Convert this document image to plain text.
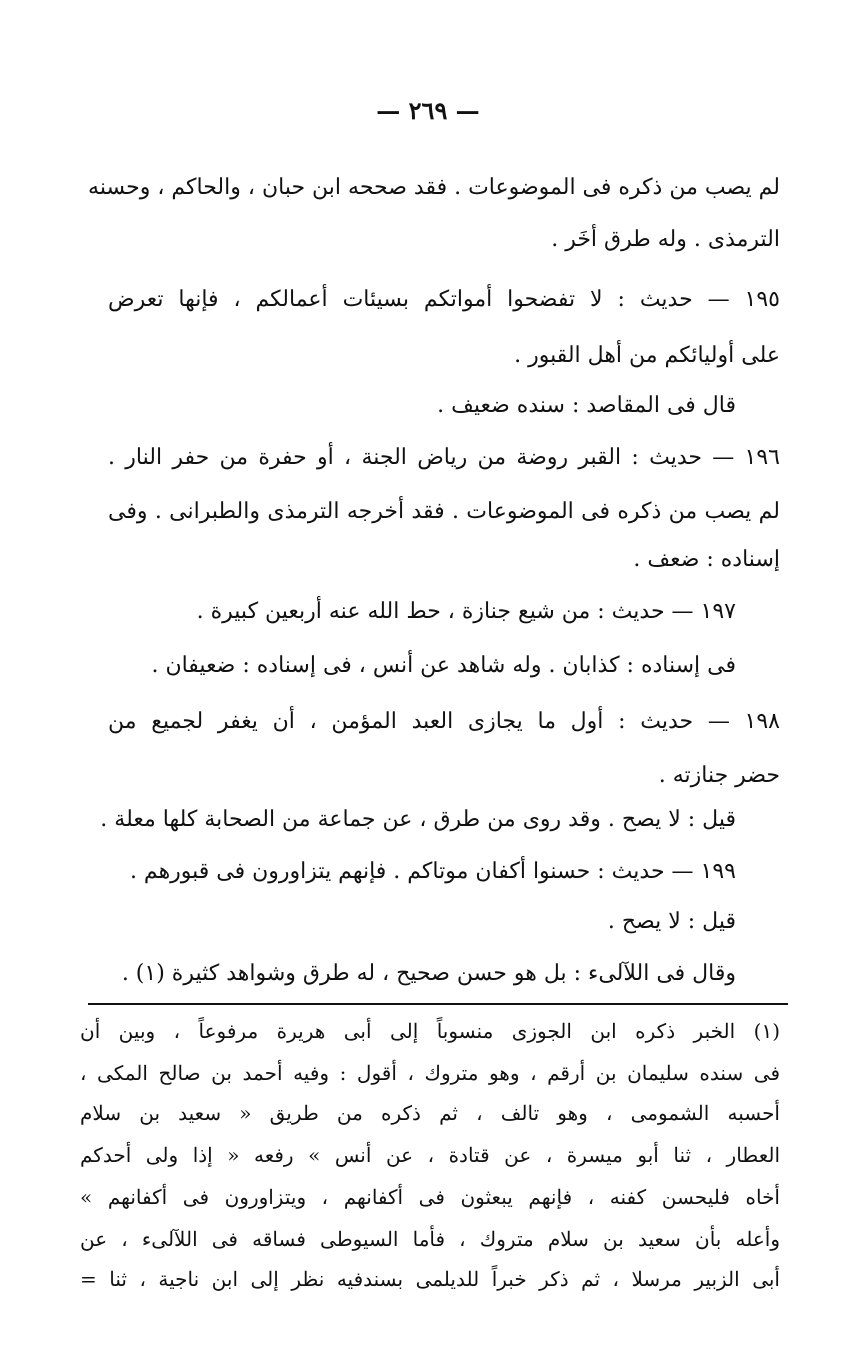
— ٢٦٩ —
لم يصب من ذكره فى الموضوعات . فقد صححه ابن حبان ، والحاكم ، وحسنه
الترمذى . وله طرق أخَر .
١٩٥ — حديث : لا تفضحوا أمواتكم بسيئات أعمالكم ، فإنها تعرض
على أوليائكم من أهل القبور .
قال فى المقاصد : سنده ضعيف .
١٩٦ — حديث : القبر روضة من رياض الجنة ، أو حفرة من حفر النار .
لم يصب من ذكره فى الموضوعات . فقد أخرجه الترمذى والطبرانى . وفى
إسناده : ضعف .
١٩٧ — حديث : من شيع جنازة ، حط الله عنه أربعين كبيرة .
فى إسناده : كذابان . وله شاهد عن أنس ، فى إسناده : ضعيفان .
١٩٨ — حديث : أول ما يجازى العبد المؤمن ، أن يغفر لجميع من
حضر جنازته .
قيل : لا يصح . وقد روى من طرق ، عن جماعة من الصحابة كلها معلة .
١٩٩ — حديث : حسنوا أكفان موتاكم . فإنهم يتزاورون فى قبورهم .
قيل : لا يصح .
وقال فى اللآلىء : بل هو حسن صحيح ، له طرق وشواهد كثيرة (١) .
(١) الخبر ذكره ابن الجوزى منسوباً إلى أبى هريرة مرفوعاً ، وبين أن
فى سنده سليمان بن أرقم ، وهو متروك ، أقول : وفيه أحمد بن صالح المكى ،
أحسبه الشمومى ، وهو تالف ، ثم ذكره من طريق « سعيد بن سلام
العطار ، ثنا أبو ميسرة ، عن قتادة ، عن أنس » رفعه « إذا ولى أحدكم
أخاه فليحسن كفنه ، فإنهم يبعثون فى أكفانهم ، ويتزاورون فى أكفانهم »
وأعله بأن سعيد بن سلام متروك ، فأما السيوطى فساقه فى اللآلىء ، عن
أبى الزبير مرسلا ، ثم ذكر خبراً للديلمى بسندفيه نظر إلى ابن ناجية ، ثنا =
